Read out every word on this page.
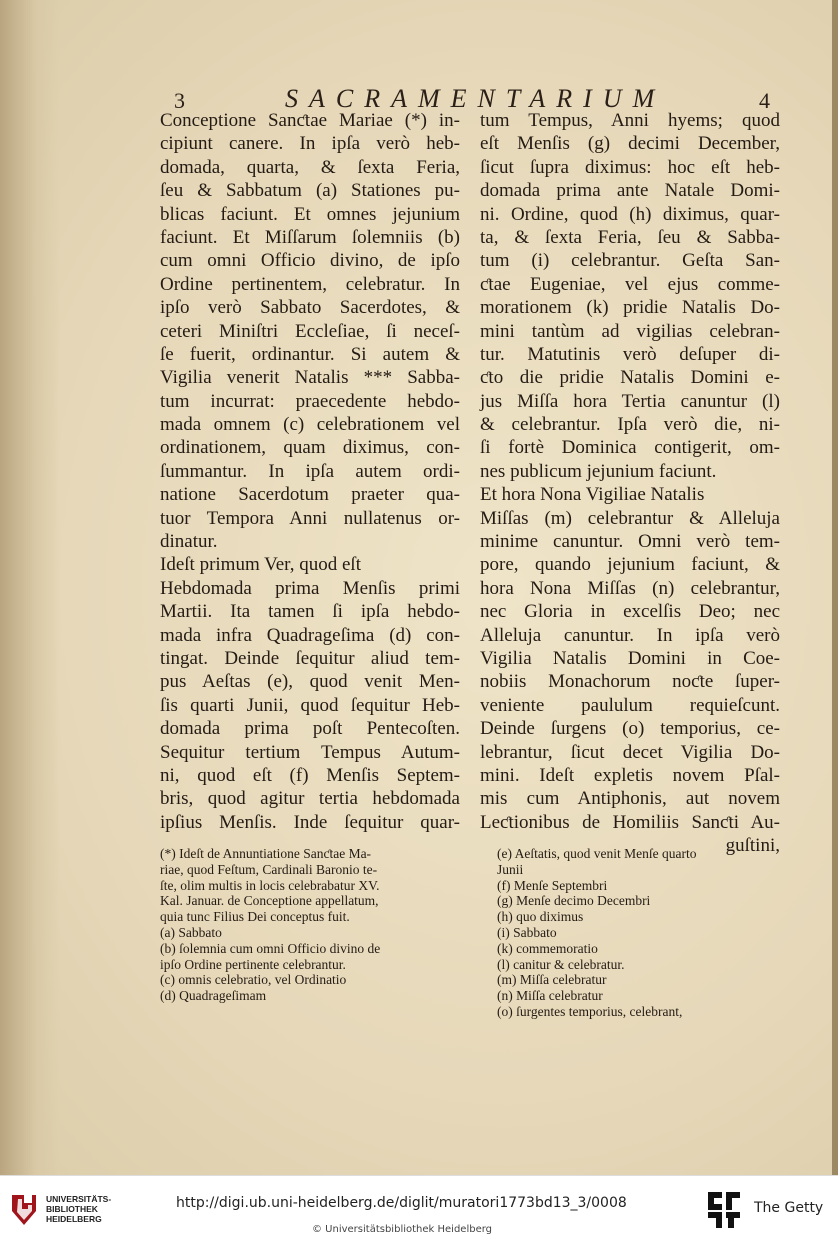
3	SACRAMENTARIUM	4
Conceptione Sanƈtae Mariae (*) in-
cipiunt canere. In ipſa verò heb-
domada, quarta, & ſexta Feria,
ſeu & Sabbatum (a) Stationes pu-
blicas faciunt. Et omnes jejunium
faciunt. Et Miſſarum ſolemniis (b)
cum omni Officio divino, de ipſo
Ordine pertinentem, celebratur. In
ipſo verò Sabbato Sacerdotes, &
ceteri Miniſtri Eccleſiae, ſi neceſ-
ſe fuerit, ordinantur. Si autem &
Vigilia venerit Natalis *** Sabba-
tum incurrat: praecedente hebdo-
mada omnem (c) celebrationem vel
ordinationem, quam diximus, con-
ſummantur. In ipſa autem ordi-
natione Sacerdotum praeter qua-
tuor Tempora Anni nullatenus or-
dinatur.
Ideſt primum Ver, quod eſt
Hebdomada prima Menſis primi
Martii. Ita tamen ſi ipſa hebdo-
mada infra Quadrageſima (d) con-
tingat. Deinde ſequitur aliud tem-
pus Aeſtas (e), quod venit Men-
ſis quarti Junii, quod ſequitur Heb-
domada prima poſt Pentecoſten.
Sequitur tertium Tempus Autum-
ni, quod eſt (f) Menſis Septem-
bris, quod agitur tertia hebdomada
ipſius Menſis. Inde ſequitur quar-
tum Tempus, Anni hyems; quod
eſt Menſis (g) decimi December,
ſicut ſupra diximus: hoc eſt heb-
domada prima ante Natale Domi-
ni. Ordine, quod (h) diximus, quar-
ta, & ſexta Feria, ſeu & Sabba-
tum (i) celebrantur. Geſta San-
ƈtae Eugeniae, vel ejus comme-
morationem (k) pridie Natalis Do-
mini tantùm ad vigilias celebran-
tur. Matutinis verò deſuper di-
ƈto die pridie Natalis Domini e-
jus Miſſa hora Tertia canuntur (l)
& celebrantur. Ipſa verò die, ni-
ſi fortè Dominica contigerit, om-
nes publicum jejunium faciunt.
Et hora Nona Vigiliae Natalis
Miſſas (m) celebrantur & Alleluja
minime canuntur. Omni verò tem-
pore, quando jejunium faciunt, &
hora Nona Miſſas (n) celebrantur,
nec Gloria in excelſis Deo; nec
Alleluja canuntur. In ipſa verò
Vigilia Natalis Domini in Coe-
nobiis Monachorum noƈte ſuper-
veniente paululum requieſcunt.
Deinde ſurgens (o) temporius, ce-
lebrantur, ſicut decet Vigilia Do-
mini. Ideſt expletis novem Pſal-
mis cum Antiphonis, aut novem
Leƈtionibus de Homiliis Sanƈti Au-
guſtini,
(*) Ideſt de Annuntiatione Sanƈtae Ma-
riae, quod Feſtum, Cardinali Baronio te-
ſte, olim multis in locis celebrabatur XV.
Kal. Januar. de Conceptione appellatum,
quia tunc Filius Dei conceptus fuit.
(a) Sabbato
(b) ſolemnia cum omni Officio divino de
ipſo Ordine pertinente celebrantur.
(c) omnis celebratio, vel Ordinatio
(d) Quadrageſimam
(e) Aeſtatis, quod venit Menſe quarto
Junii
(f) Menſe Septembri
(g) Menſe decimo Decembri
(h) quo diximus
(i) Sabbato
(k) commemoratio
(l) canitur & celebratur.
(m) Miſſa celebratur
(n) Miſſa celebratur
(o) ſurgentes temporius, celebrant,
UNIVERSITÄTS-
BIBLIOTHEK
HEIDELBERG
http://digi.ub.uni-heidelberg.de/diglit/muratori1773bd13_3/0008
© Universitätsbibliothek Heidelberg
The Getty
